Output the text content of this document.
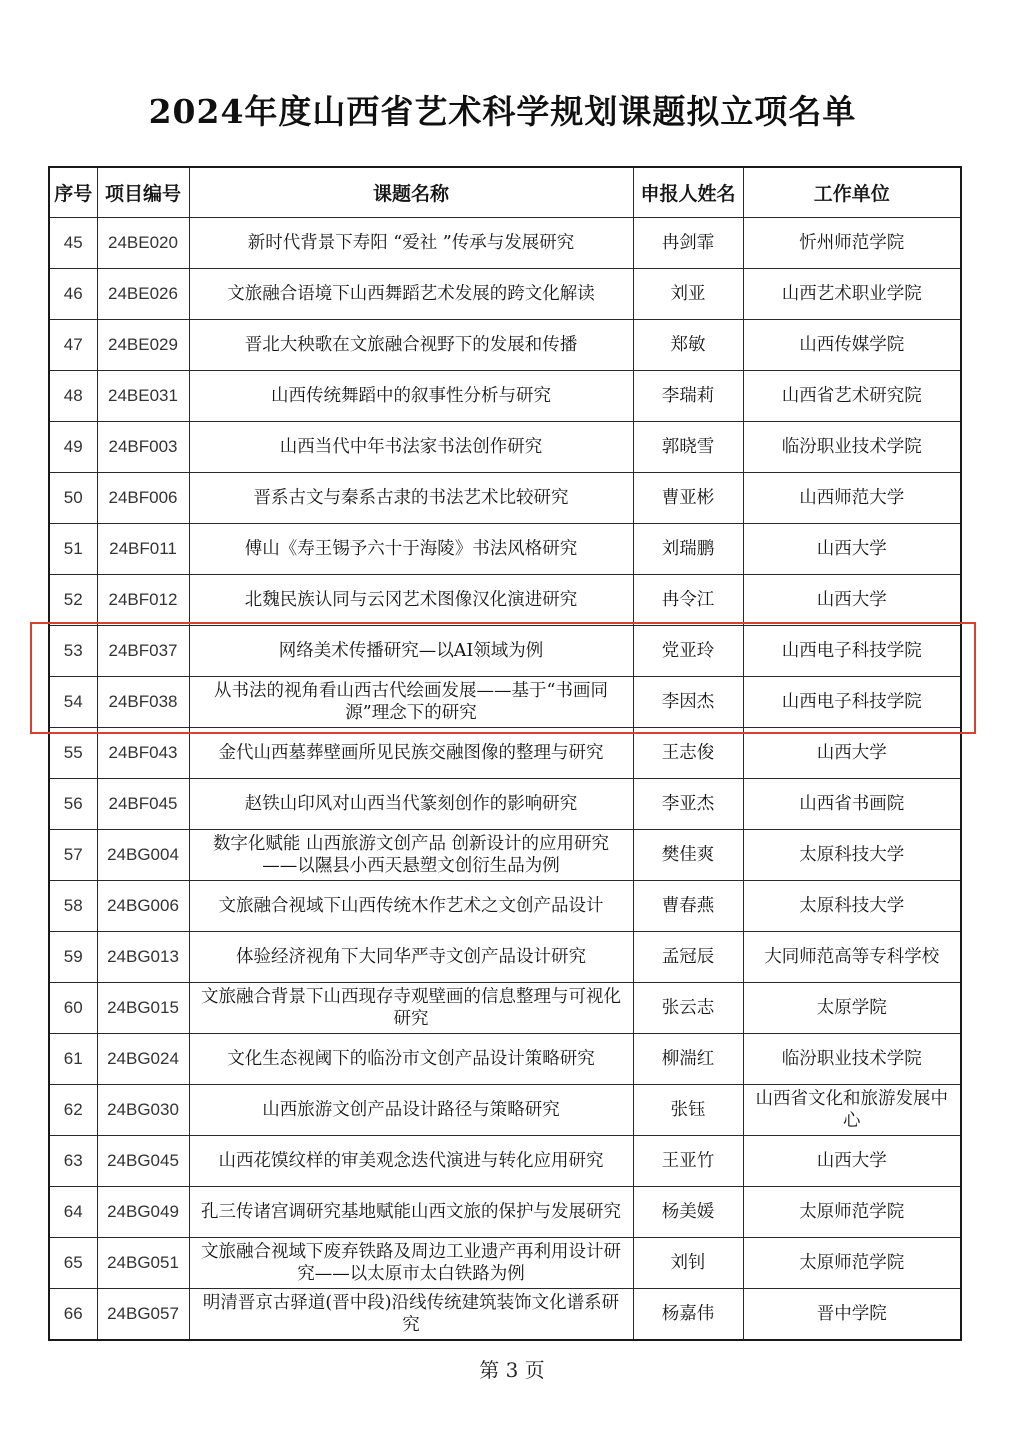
2024年度山西省艺术科学规划课题拟立项名单
序号	项目编号	课题名称	申报人姓名	工作单位
45	24BE020	新时代背景下寿阳 “爱社 ”传承与发展研究	冉剑霏	忻州师范学院
46	24BE026	文旅融合语境下山西舞蹈艺术发展的跨文化解读	刘亚	山西艺术职业学院
47	24BE029	晋北大秧歌在文旅融合视野下的发展和传播	郑敏	山西传媒学院
48	24BE031	山西传统舞蹈中的叙事性分析与研究	李瑞莉	山西省艺术研究院
49	24BF003	山西当代中年书法家书法创作研究	郭晓雪	临汾职业技术学院
50	24BF006	晋系古文与秦系古隶的书法艺术比较研究	曹亚彬	山西师范大学
51	24BF011	傅山《寿王锡予六十于海陵》书法风格研究	刘瑞鹏	山西大学
52	24BF012	北魏民族认同与云冈艺术图像汉化演进研究	冉令江	山西大学
53	24BF037	网络美术传播研究—以AI领域为例	党亚玲	山西电子科技学院
54	24BF038	从书法的视角看山西古代绘画发展——基于“书画同源”理念下的研究	李因杰	山西电子科技学院
55	24BF043	金代山西墓葬壁画所见民族交融图像的整理与研究	王志俊	山西大学
56	24BF045	赵铁山印风对山西当代篆刻创作的影响研究	李亚杰	山西省书画院
57	24BG004	数字化赋能 山西旅游文创产品 创新设计的应用研究——以隰县小西天悬塑文创衍生品为例	樊佳爽	太原科技大学
58	24BG006	文旅融合视域下山西传统木作艺术之文创产品设计	曹春燕	太原科技大学
59	24BG013	体验经济视角下大同华严寺文创产品设计研究	孟冠辰	大同师范高等专科学校
60	24BG015	文旅融合背景下山西现存寺观壁画的信息整理与可视化研究	张云志	太原学院
61	24BG024	文化生态视阈下的临汾市文创产品设计策略研究	柳湍红	临汾职业技术学院
62	24BG030	山西旅游文创产品设计路径与策略研究	张钰	山西省文化和旅游发展中心
63	24BG045	山西花馍纹样的审美观念迭代演进与转化应用研究	王亚竹	山西大学
64	24BG049	孔三传诸宫调研究基地赋能山西文旅的保护与发展研究	杨美媛	太原师范学院
65	24BG051	文旅融合视域下废弃铁路及周边工业遗产再利用设计研究——以太原市太白铁路为例	刘钊	太原师范学院
66	24BG057	明清晋京古驿道(晋中段)沿线传统建筑装饰文化谱系研究	杨嘉伟	晋中学院
第 3 页
